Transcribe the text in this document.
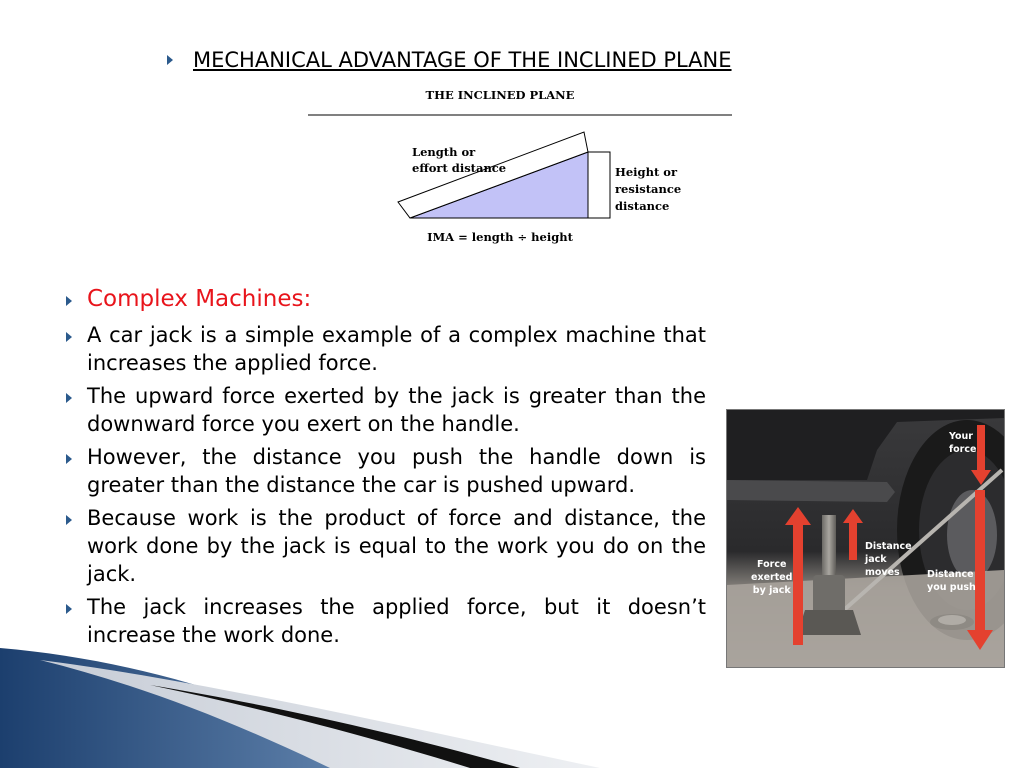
MECHANICAL ADVANTAGE OF THE INCLINED PLANE
THE INCLINED PLANE
Length or
effort distance	Height or
resistance
distance
IMA = length ÷ height
Complex Machines:
A car jack is a simple example of a complex machine that increases the applied force.
The upward force exerted by the jack is greater than the downward force you exert on the handle.
However, the distance you push the handle down is greater than the distance the car is pushed upward.
Because work is the product of force and distance, the work done by the jack is equal to the work you do on the jack.
The jack increases the applied force, but it doesn’t increase the work done.
Your
force
Force
exerted
by jack
Distance
jack
moves	Distance
you push
